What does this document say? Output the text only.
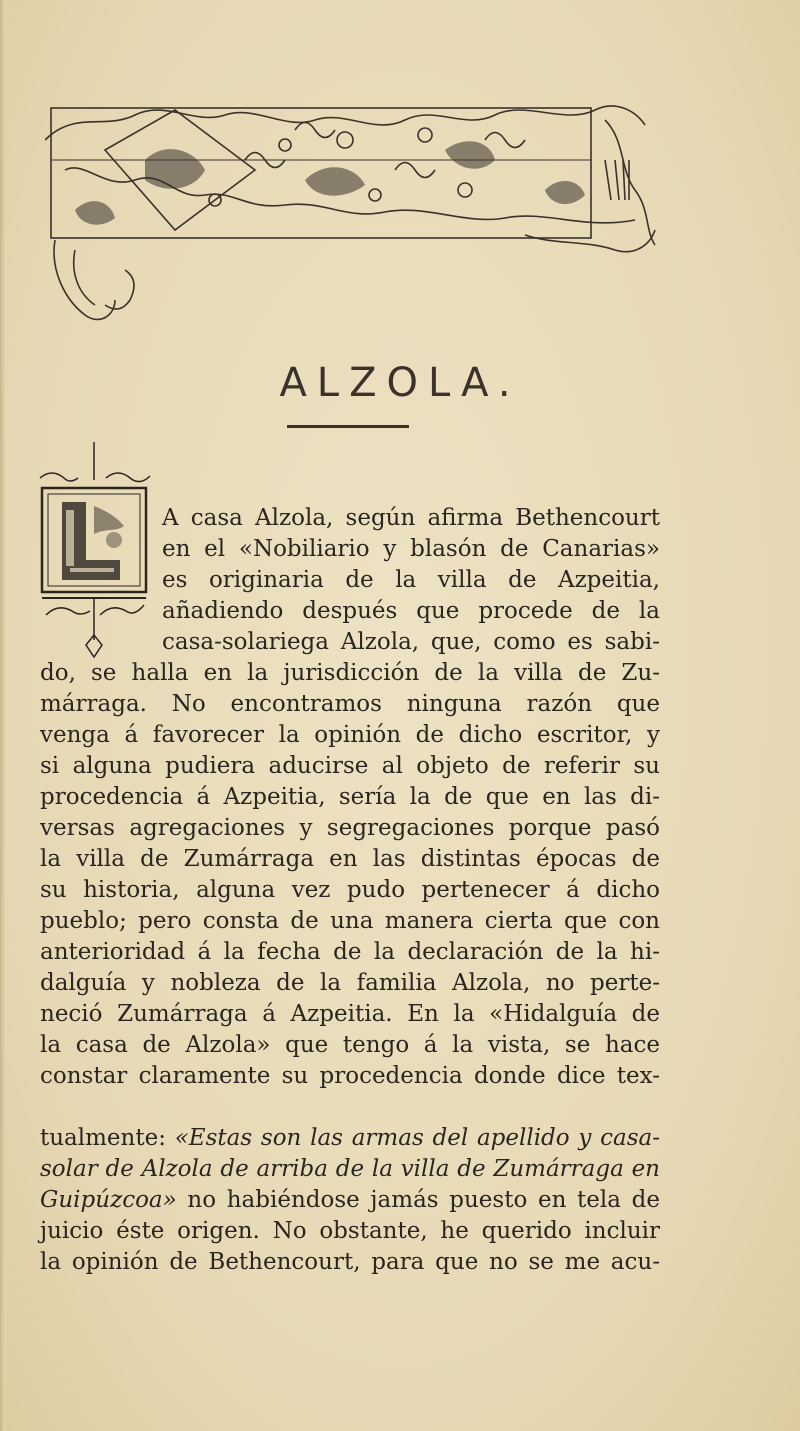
ALZOLA.
A casa Alzola, según afirma Bethencourt
en el «Nobiliario y blasón de Canarias»
es originaria de la villa de Azpeitia,
añadiendo después que procede de la
casa-solariega Alzola, que, como es sabi-
do, se halla en la jurisdicción de la villa de Zu-
márraga. No encontramos ninguna razón que
venga á favorecer la opinión de dicho escritor, y
si alguna pudiera aducirse al objeto de referir su
procedencia á Azpeitia, sería la de que en las di-
versas agregaciones y segregaciones porque pasó
la villa de Zumárraga en las distintas épocas de
su historia, alguna vez pudo pertenecer á dicho
pueblo; pero consta de una manera cierta que con
anterioridad á la fecha de la declaración de la hi-
dalguía y nobleza de la familia Alzola, no perte-
neció Zumárraga á Azpeitia. En la «Hidalguía de
la casa de Alzola» que tengo á la vista, se hace
constar claramente su procedencia donde dice tex-
tualmente: «Estas son las armas del apellido y casa-
solar de Alzola de arriba de la villa de Zumárraga en
Guipúzcoa» no habiéndose jamás puesto en tela de
juicio éste origen. No obstante, he querido incluir
la opinión de Bethencourt, para que no se me acu-
